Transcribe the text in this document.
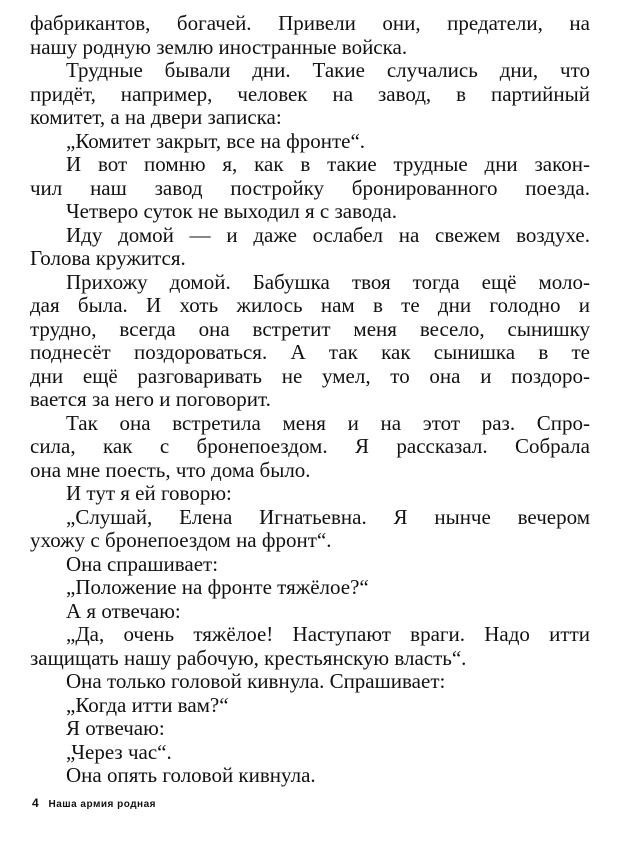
фабрикантов, богачей. Привели они, предатели, на
нашу родную землю иностранные войска.
Трудные бывали дни. Такие случались дни, что
придёт, например, человек на завод, в партийный
комитет, а на двери записка:
„Комитет закрыт, все на фронте“.
И вот помню я, как в такие трудные дни закон-
чил наш завод постройку бронированного поезда.
Четверо суток не выходил я с завода.
Иду домой — и даже ослабел на свежем воздухе.
Голова кружится.
Прихожу домой. Бабушка твоя тогда ещё моло-
дая была. И хоть жилось нам в те дни голодно и
трудно, всегда она встретит меня весело, сынишку
поднесёт поздороваться. А так как сынишка в те
дни ещё разговаривать не умел, то она и поздоро-
вается за него и поговорит.
Так она встретила меня и на этот раз. Спро-
сила, как с бронепоездом. Я рассказал. Собрала
она мне поесть, что дома было.
И тут я ей говорю:
„Слушай, Елена Игнатьевна. Я нынче вечером
ухожу с бронепоездом на фронт“.
Она спрашивает:
„Положение на фронте тяжёлое?“
А я отвечаю:
„Да, очень тяжёлое! Наступают враги. Надо итти
защищать нашу рабочую, крестьянскую власть“.
Она только головой кивнула. Спрашивает:
„Когда итти вам?“
Я отвечаю:
„Через час“.
Она опять головой кивнула.
4 Наша армия родная
